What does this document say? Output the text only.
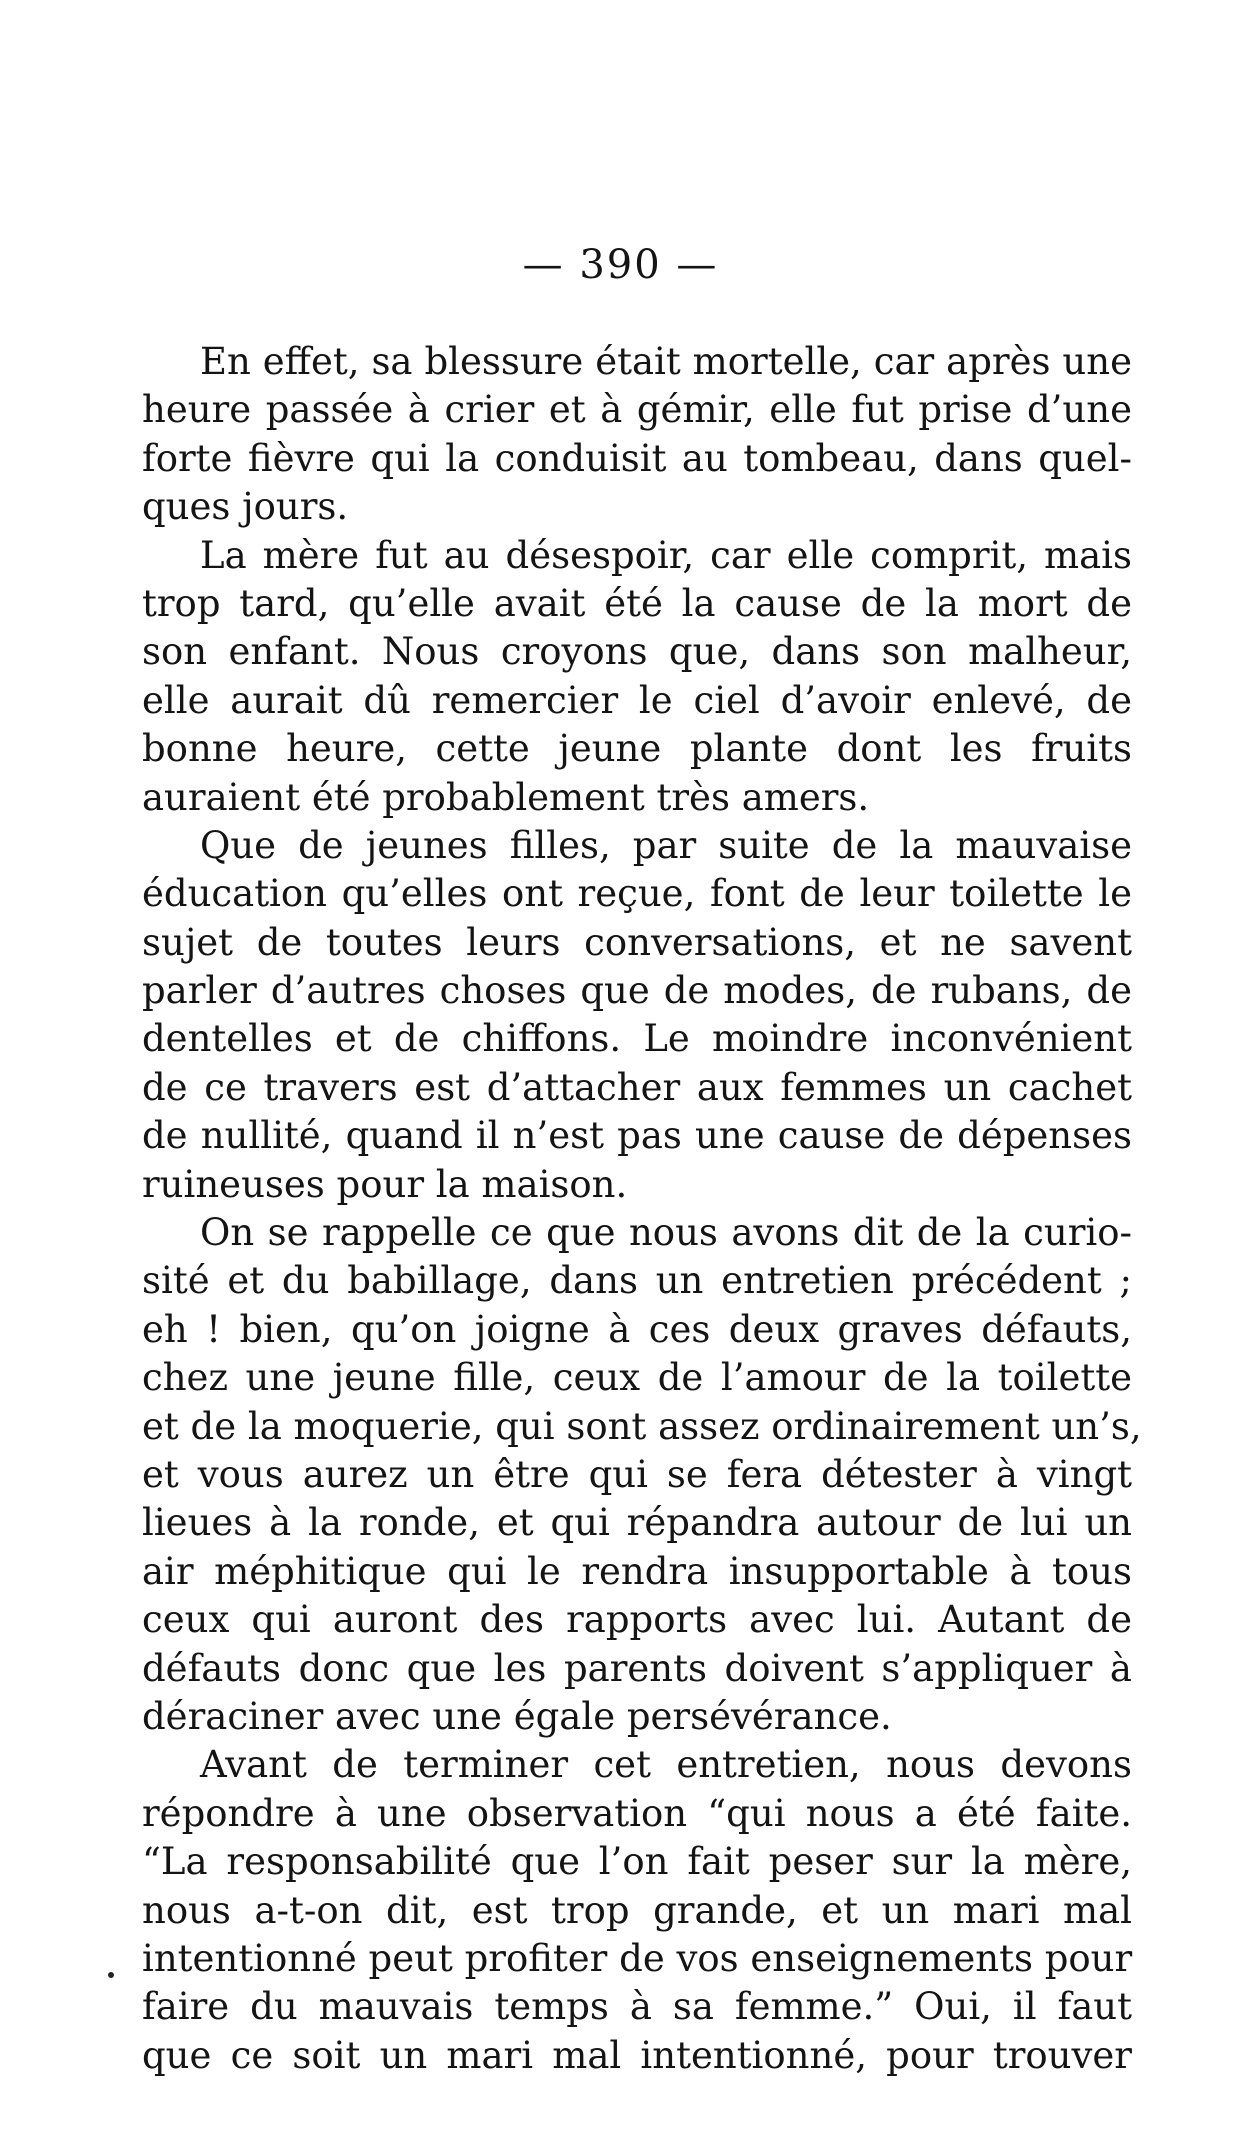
— 390 —
En effet, sa blessure était mortelle, car après une
heure passée à crier et à gémir, elle fut prise d’une
forte fièvre qui la conduisit au tombeau, dans quel-
ques jours.
La mère fut au désespoir, car elle comprit, mais
trop tard, qu’elle avait été la cause de la mort de
son enfant. Nous croyons que, dans son malheur,
elle aurait dû remercier le ciel d’avoir enlevé, de
bonne heure, cette jeune plante dont les fruits
auraient été probablement très amers.
Que de jeunes filles, par suite de la mauvaise
éducation qu’elles ont reçue, font de leur toilette le
sujet de toutes leurs conversations, et ne savent
parler d’autres choses que de modes, de rubans, de
dentelles et de chiffons. Le moindre inconvénient
de ce travers est d’attacher aux femmes un cachet
de nullité, quand il n’est pas une cause de dépenses
ruineuses pour la maison.
On se rappelle ce que nous avons dit de la curio-
sité et du babillage, dans un entretien précédent ;
eh ! bien, qu’on joigne à ces deux graves défauts,
chez une jeune fille, ceux de l’amour de la toilette
et de la moquerie, qui sont assez ordinairement un’s,
et vous aurez un être qui se fera détester à vingt
lieues à la ronde, et qui répandra autour de lui un
air méphitique qui le rendra insupportable à tous
ceux qui auront des rapports avec lui. Autant de
défauts donc que les parents doivent s’appliquer à
déraciner avec une égale persévérance.
Avant de terminer cet entretien, nous devons
répondre à une observation “qui nous a été faite.
“La responsabilité que l’on fait peser sur la mère,
nous a-t-on dit, est trop grande, et un mari mal
intentionné peut profiter de vos enseignements pour
faire du mauvais temps à sa femme.” Oui, il faut
que ce soit un mari mal intentionné, pour trouver
